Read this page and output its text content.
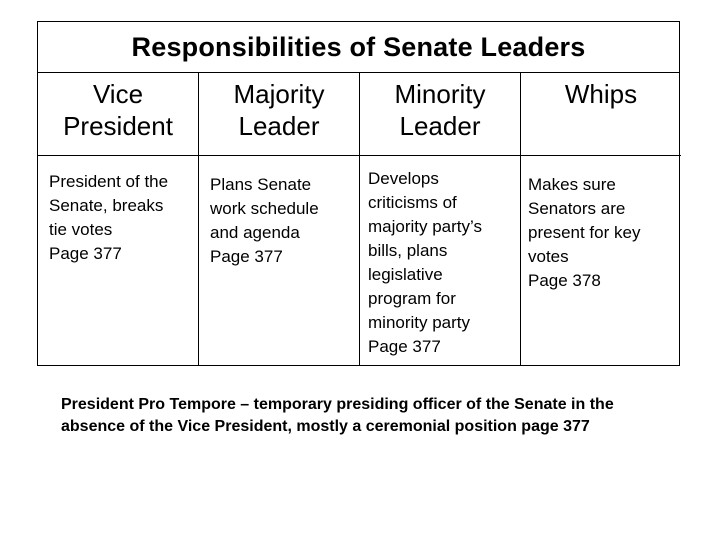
Responsibilities of Senate Leaders
Vice
President
President of the
Senate, breaks
tie votes
Page 377
Majority
Leader
Plans Senate
work schedule
and agenda
Page 377
Minority
Leader
Develops
criticisms of
majority party’s
bills, plans
legislative
program for
minority party
Page 377
Whips
Makes sure
Senators are
present for key
votes
Page 378
President Pro Tempore – temporary presiding officer of the Senate in the
absence of the Vice President, mostly a ceremonial position page 377
